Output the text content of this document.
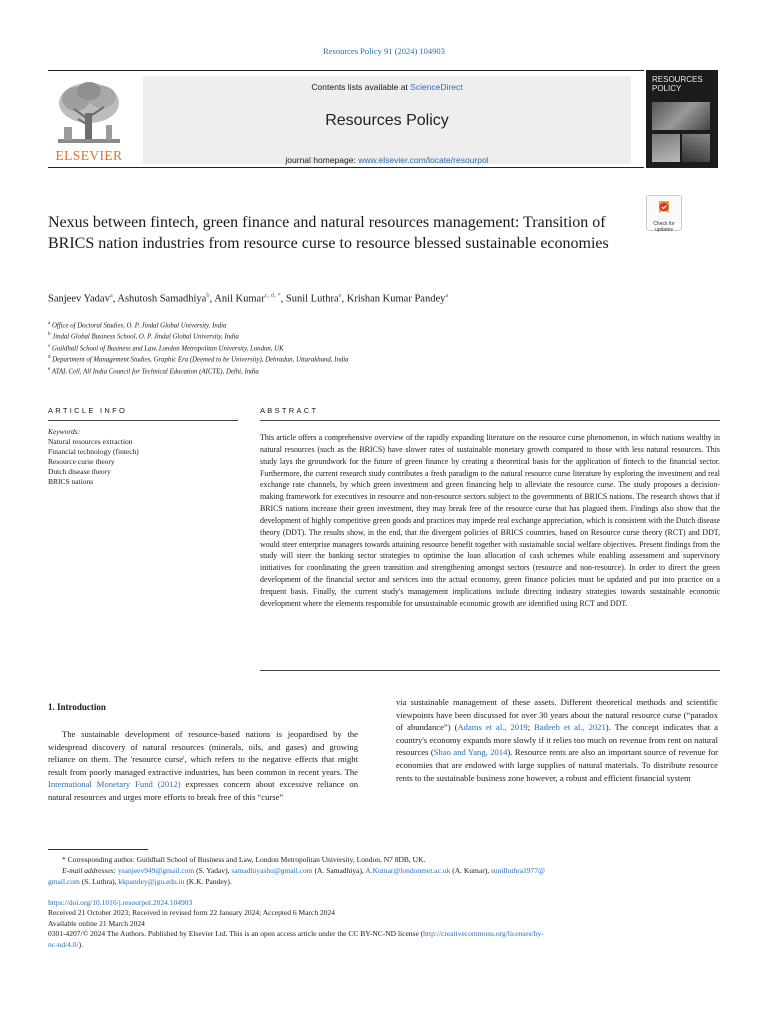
Resources Policy 91 (2024) 104903
ELSEVIER
Contents lists available at ScienceDirect
Resources Policy
journal homepage: www.elsevier.com/locate/resourpol
RESOURCES
POLICY
Check for
updates
Nexus between fintech, green finance and natural resources management: Transition of BRICS nation industries from resource curse to resource blessed sustainable economies
Sanjeev Yadav$^a$, Ashutosh Samadhiya$^b$, Anil Kumar$^{c, d, *}$, Sunil Luthra$^e$, Krishan Kumar Pandey$^a$
$^a$ Office of Doctoral Studies, O. P. Jindal Global University, India
$^b$ Jindal Global Business School, O. P. Jindal Global University, India
$^c$ Guildhall School of Business and Law, London Metropolitan University, London, UK
$^d$ Department of Management Studies, Graphic Era (Deemed to be University), Dehradun, Uttarakhand, India
$^e$ ATAL Cell, All India Council for Technical Education (AICTE), Delhi, India
ARTICLE INFO	ABSTRACT
Keywords:
Natural resources extraction
Financial technology (fintech)
Resource curse theory
Dutch disease theory
BRICS nations
This article offers a comprehensive overview of the rapidly expanding literature on the resource curse phenomenon, in which nations wealthy in natural resources (such as the BRICS) have slower rates of sustainable monetary growth compared to those with less natural resources. This study lays the groundwork for the future of green finance by creating a theoretical basis for the application of fintech to the financial sector. Furthermore, the current research study contributes a fresh paradigm to the natural resource curse literature by exploring the investment and real exchange rate channels, by which green investment and green financing help to alleviate the resource curse. The study proposes a decision-making framework for executives in resource and non-resource sectors subject to the governments of BRICS nations. The research shows that if BRICS nations increase their green investment, they may break free of the resource curse that has plagued them. Findings also show that the development of highly competitive green goods and practices may impede real exchange appreciation, which is consistent with the Dutch disease theory (DDT). The results show, in the end, that the divergent policies of BRICS countries, based on Resource curse theory (RCT) and DDT, would steer enterprise managers towards attaining resource benefit together with sustainable social welfare objectives. Present findings from the study will steer the banking sector strategies to optimise the loan allocation of cash schemes while enabling assessment and supervisory initiatives for coordinating the green transition and strengthening amongst sectors (resource and non-resource). In order to direct the green development of the financial sector and services into the actual economy, green finance policies must be updated and put into practice on a frequent basis. Finally, the current study's management implications include directing industry strategies towards sustainable economic development where the elements responsible for unsustainable economic growth are identified using RCT and DDT.
1. Introduction
The sustainable development of resource-based nations is jeopardised by the widespread discovery of natural resources (minerals, oils, and gases) and growing reliance on them. The 'resource curse', which refers to the negative effects that might result from poorly managed extractive industries, has been common in recent years. The International Monetary Fund (2012) expresses concern about excessive reliance on natural resources and urges more efforts to break free of this “curse”
via sustainable management of these assets. Different theoretical methods and scientific viewpoints have been discussed for over 30 years about the natural resource curse (“paradox of abundance”) (Adams et al., 2019; Badeeb et al., 2021). The concept indicates that a country's economy expands more slowly if it relies too much on revenue from rent on natural resources (Shao and Yang, 2014). Resource rents are also an important source of revenue for economies that are endowed with large supplies of natural materials. To distribute resource rents to the sustainable business zone however, a robust and efficient financial system
* Corresponding author. Guildhall School of Business and Law, London Metropolitan University, London, N7 8DB, UK.
E-mail addresses: ysanjeev949@gmail.com (S. Yadav), samadhiyashu@gmail.com (A. Samadhiya), A.Kumar@londonmet.ac.uk (A. Kumar), sunilluthra1977@
gmail.com (S. Luthra), kkpandey@jgu.edu.in (K.K. Pandey).
https://doi.org/10.1016/j.resourpol.2024.104903
Received 21 October 2023; Received in revised form 22 January 2024; Accepted 6 March 2024
Available online 21 March 2024
0301-4207/© 2024 The Authors. Published by Elsevier Ltd. This is an open access article under the CC BY-NC-ND license (http://creativecommons.org/licenses/by-
nc-nd/4.0/).
